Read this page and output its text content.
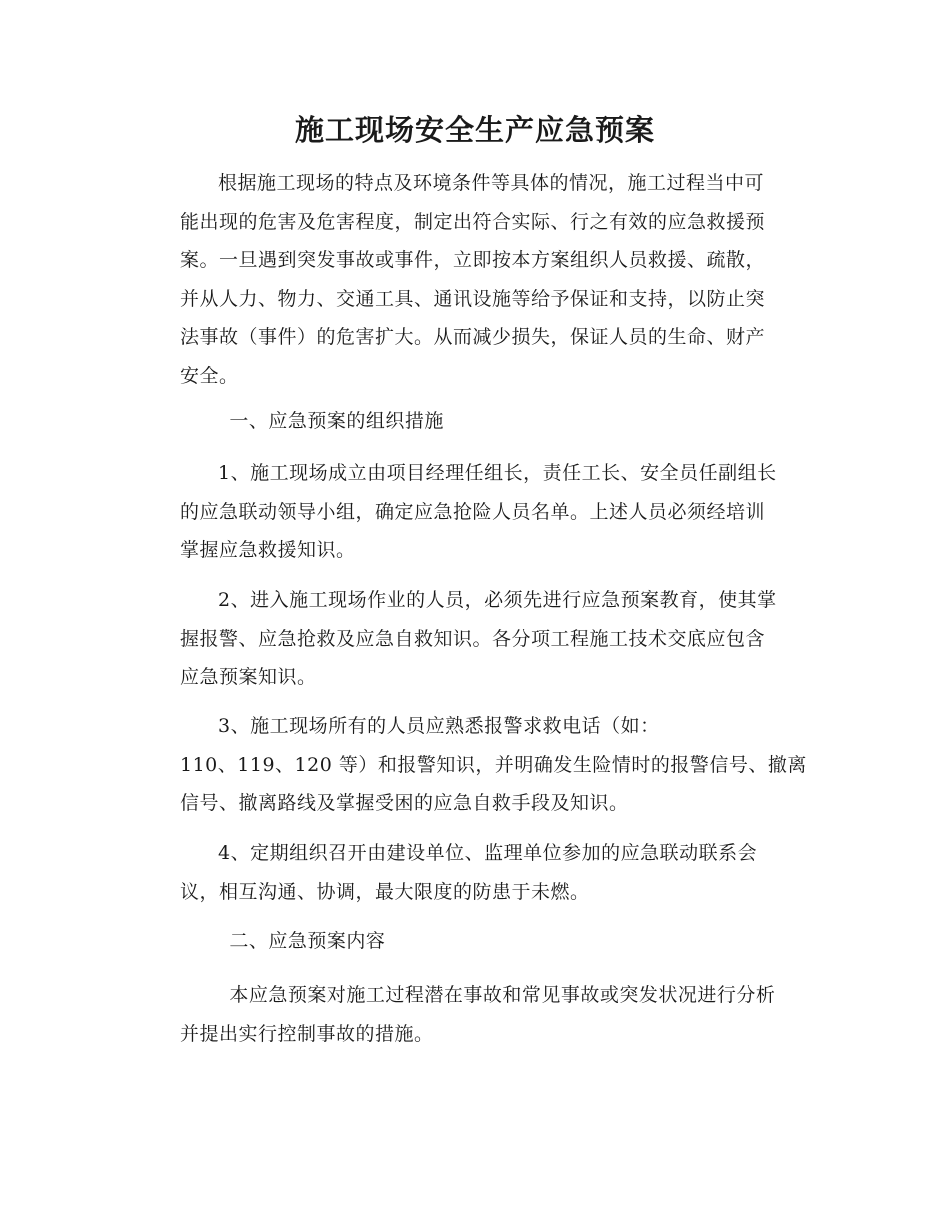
施工现场安全生产应急预案
根据施工现场的特点及环境条件等具体的情况，施工过程当中可
能出现的危害及危害程度，制定出符合实际、行之有效的应急救援预
案。一旦遇到突发事故或事件，立即按本方案组织人员救援、疏散，
并从人力、物力、交通工具、通讯设施等给予保证和支持，以防止突
法事故（事件）的危害扩大。从而减少损失，保证人员的生命、财产
安全。
一、应急预案的组织措施
1、施工现场成立由项目经理任组长，责任工长、安全员任副组长
的应急联动领导小组，确定应急抢险人员名单。上述人员必须经培训
掌握应急救援知识。
2、进入施工现场作业的人员，必须先进行应急预案教育，使其掌
握报警、应急抢救及应急自救知识。各分项工程施工技术交底应包含
应急预案知识。
3、施工现场所有的人员应熟悉报警求救电话（如：
110、119、120 等）和报警知识，并明确发生险情时的报警信号、撤离
信号、撤离路线及掌握受困的应急自救手段及知识。
4、定期组织召开由建设单位、监理单位参加的应急联动联系会
议，相互沟通、协调，最大限度的防患于未燃。
二、应急预案内容
本应急预案对施工过程潜在事故和常见事故或突发状况进行分析
并提出实行控制事故的措施。
